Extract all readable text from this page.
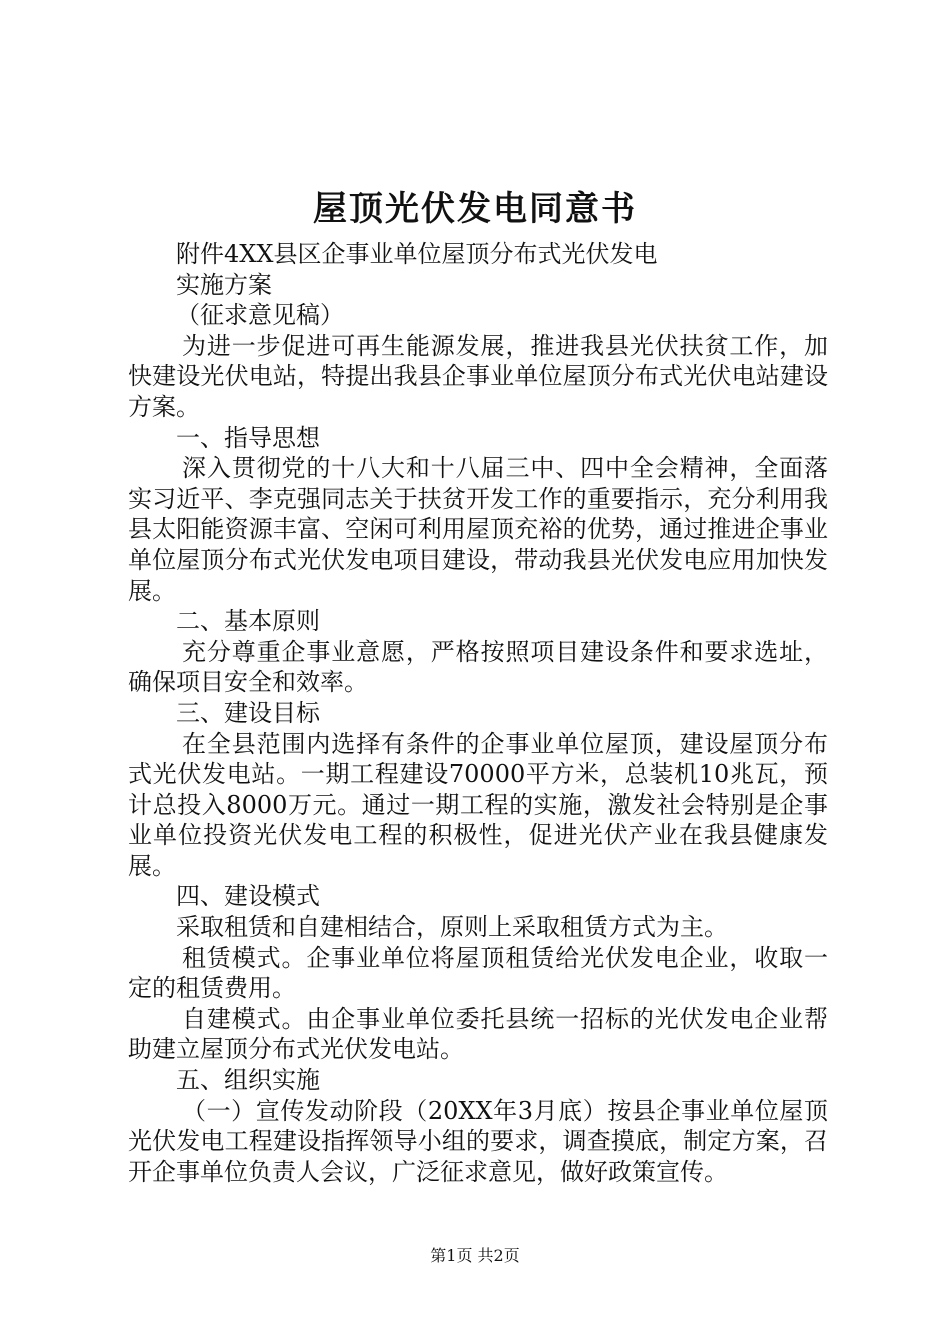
屋顶光伏发电同意书

附件4XX县区企事业单位屋顶分布式光伏发电

实施方案

（征求意见稿）

为进一步促进可再生能源发展，推进我县光伏扶贫工作，加快建设光伏电站，特提出我县企事业单位屋顶分布式光伏电站建设方案。

一、指导思想

深入贯彻党的十八大和十八届三中、四中全会精神，全面落实习近平、李克强同志关于扶贫开发工作的重要指示，充分利用我县太阳能资源丰富、空闲可利用屋顶充裕的优势，通过推进企事业单位屋顶分布式光伏发电项目建设，带动我县光伏发电应用加快发展。

二、基本原则

充分尊重企事业意愿，严格按照项目建设条件和要求选址，确保项目安全和效率。

三、建设目标

在全县范围内选择有条件的企事业单位屋顶，建设屋顶分布式光伏发电站。一期工程建设70000平方米，总装机10兆瓦，预计总投入8000万元。通过一期工程的实施，激发社会特别是企事业单位投资光伏发电工程的积极性，促进光伏产业在我县健康发展。

四、建设模式

采取租赁和自建相结合，原则上采取租赁方式为主。

租赁模式。企事业单位将屋顶租赁给光伏发电企业，收取一定的租赁费用。

自建模式。由企事业单位委托县统一招标的光伏发电企业帮助建立屋顶分布式光伏发电站。

五、组织实施

（一）宣传发动阶段（20XX年3月底）按县企事业单位屋顶光伏发电工程建设指挥领导小组的要求，调查摸底，制定方案，召开企事单位负责人会议，广泛征求意见，做好政策宣传。

第1页 共2页
